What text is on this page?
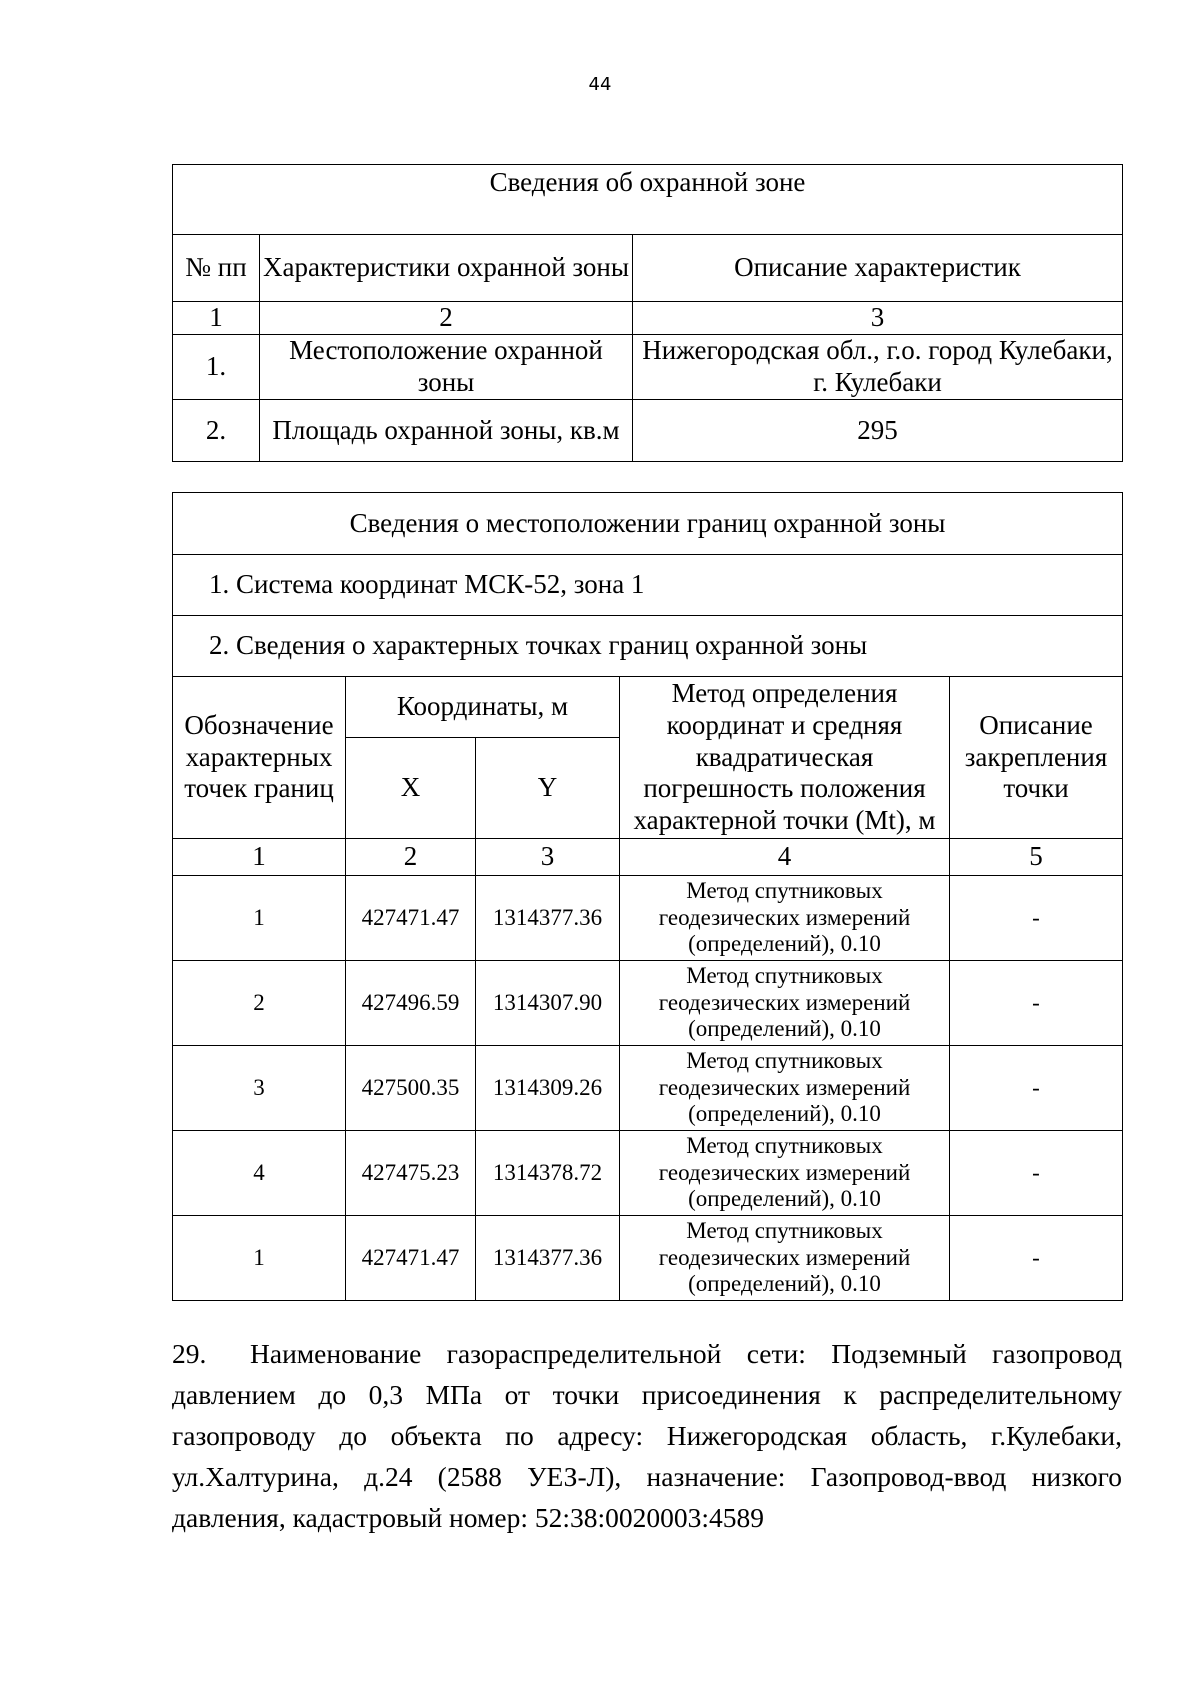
44
Сведения об охранной зоне		
№ пп	Характеристики охранной зоны	Описание характеристик
1	2	3
1.	Местоположение охранной зоны	Нижегородская обл., г.о. город Кулебаки, г. Кулебаки
2.	Площадь охранной зоны, кв.м	295
Сведения о местоположении границ охранной зоны				
1. Система координат МСК-52, зона 1				
2. Сведения о характерных точках границ охранной зоны				
Обозначение характерных точек границ	Координаты, м		Метод определения координат и средняя квадратическая погрешность положения характерной точки (Mt), м	Описание закрепления точки
	X	Y		
1	2	3	4	5
1	427471.47	1314377.36	Метод спутниковых геодезических измерений (определений), 0.10	-
2	427496.59	1314307.90	Метод спутниковых геодезических измерений (определений), 0.10	-
3	427500.35	1314309.26	Метод спутниковых геодезических измерений (определений), 0.10	-
4	427475.23	1314378.72	Метод спутниковых геодезических измерений (определений), 0.10	-
1	427471.47	1314377.36	Метод спутниковых геодезических измерений (определений), 0.10	-
29. Наименование газораспределительной сети: Подземный газопровод давлением до 0,3 МПа от точки присоединения к распределительному газопроводу до объекта по адресу: Нижегородская область, г.Кулебаки, ул.Халтурина, д.24 (2588 УЕЗ-Л), назначение: Газопровод-ввод низкого давления, кадастровый номер: 52:38:0020003:4589
